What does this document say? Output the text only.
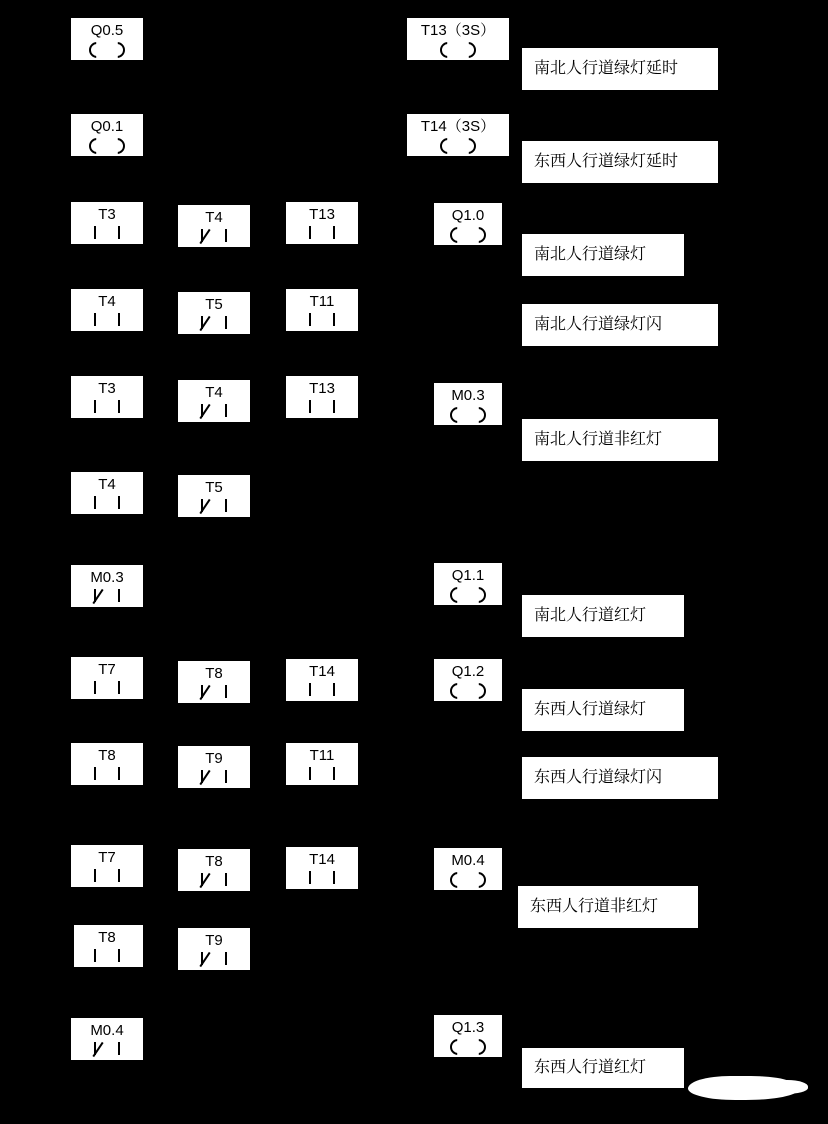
Q0.5	T13（3S）
Q0.1	T14（3S）
T3	T4	T13	Q1.0
T4	T5	T11
T3	T4	T13	M0.3
T4	T5
M0.3	Q1.1
T7	T8	T14	Q1.2
T8	T9	T11
T7	T8	T14	M0.4
T8	T9
M0.4	Q1.3
南北人行道绿灯延时
东西人行道绿灯延时
南北人行道绿灯
南北人行道绿灯闪
南北人行道非红灯
南北人行道红灯
东西人行道绿灯
东西人行道绿灯闪
东西人行道非红灯
东西人行道红灯
